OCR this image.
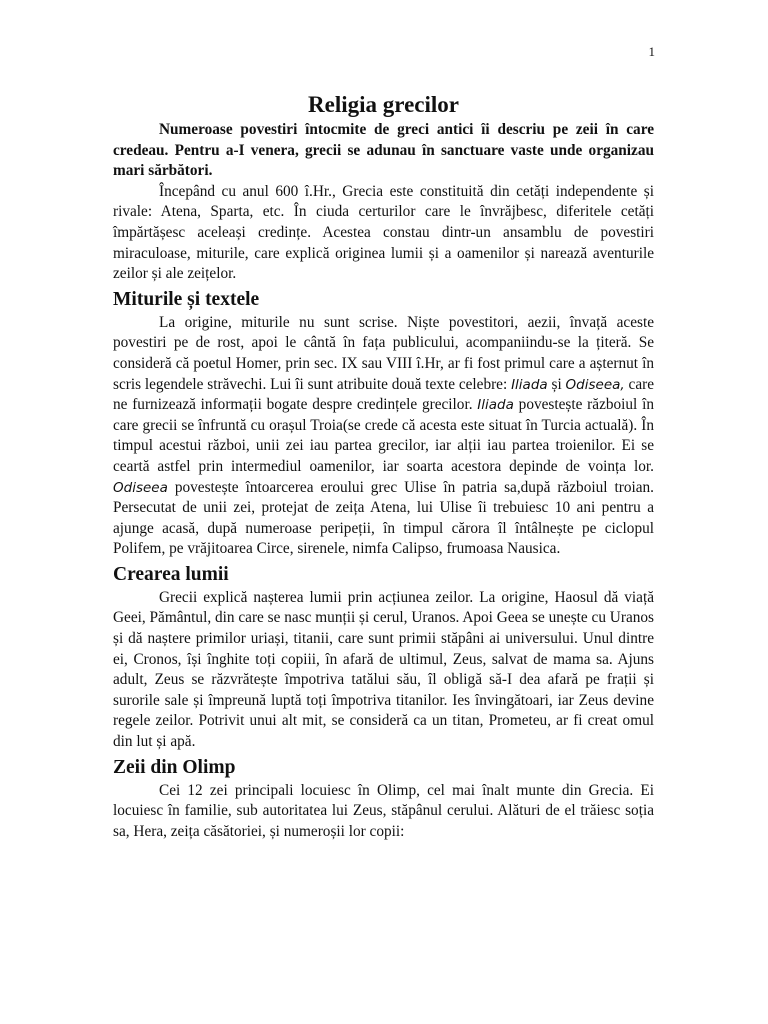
1
Religia grecilor

Numeroase povestiri întocmite de greci antici îi descriu pe zeii în care credeau. Pentru a-I venera, grecii se adunau în sanctuare vaste unde organizau mari sărbători.

Începând cu anul 600 î.Hr., Grecia este constituită din cetăți independente și rivale: Atena, Sparta, etc. În ciuda certurilor care le învrăjbesc, diferitele cetăți împărtășesc aceleași credințe. Acestea constau dintr-un ansamblu de povestiri miraculoase, miturile, care explică originea lumii și a oamenilor și narează aventurile zeilor și ale zeițelor.

Miturile și textele

La origine, miturile nu sunt scrise. Niște povestitori, aezii, învață aceste povestiri pe de rost, apoi le cântă în fața publicului, acompaniindu-se la țiteră. Se consideră că poetul Homer, prin sec. IX sau VIII î.Hr, ar fi fost primul care a așternut în scris legendele străvechi. Lui îi sunt atribuite două texte celebre: Iliada și Odiseea, care ne furnizează informații bogate despre credințele grecilor. Iliada povestește războiul în care grecii se înfruntă cu orașul Troia(se crede că acesta este situat în Turcia actuală). În timpul acestui război, unii zei iau partea grecilor, iar alții iau partea troienilor. Ei se ceartă astfel prin intermediul oamenilor, iar soarta acestora depinde de voința lor. Odiseea povestește întoarcerea eroului grec Ulise în patria sa,după războiul troian. Persecutat de unii zei, protejat de zeița Atena, lui Ulise îi trebuiesc 10 ani pentru a ajunge acasă, după numeroase peripeții, în timpul cărora îl întâlnește pe ciclopul Polifem, pe vrăjitoarea Circe, sirenele, nimfa Calipso, frumoasa Nausica.

Crearea lumii

Grecii explică nașterea lumii prin acțiunea zeilor. La origine, Haosul dă viață Geei, Pământul, din care se nasc munții și cerul, Uranos. Apoi Geea se unește cu Uranos și dă naștere primilor uriași, titanii, care sunt primii stăpâni ai universului. Unul dintre ei, Cronos, își înghite toți copiii, în afară de ultimul, Zeus, salvat de mama sa. Ajuns adult, Zeus se răzvrătește împotriva tatălui său, îl obligă să-I dea afară pe frații și surorile sale și împreună luptă toți împotriva titanilor. Ies învingătoari, iar Zeus devine regele zeilor. Potrivit unui alt mit, se consideră ca un titan, Prometeu, ar fi creat omul din lut și apă.

Zeii din Olimp

Cei 12 zei principali locuiesc în Olimp, cel mai înalt munte din Grecia. Ei locuiesc în familie, sub autoritatea lui Zeus, stăpânul cerului. Alături de el trăiesc soția sa, Hera, zeița căsătoriei, și numeroșii lor copii:
